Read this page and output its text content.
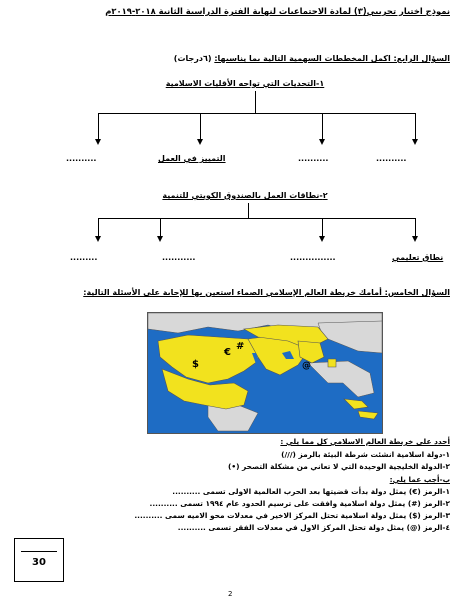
نموذج اختبار تجريبي(٣) لمادة الاجتماعيات لنهاية الفترة الدراسية الثانية ٢٠١٨-٢٠١٩م
السؤال الرابع: اكمل المخططات السهمية التالية بما يناسبها: (٦درجات)
١-التحديات التي تواجه الأقليات الاسلامية
..........	التمييز في العمل	..........	..........
٢-نطاقات العمل بالصندوق الكويتي للتنمية
.........	...........	...............	نطاق تعليمي
السؤال الخامس: أمامك خريطة العالم الإسلامي الصماء استعين بها للإجابة على الأسئلة التالية:
$
€
#
@
أحدد على خريطة العالم الاسلامي كل مما يلي :
١-دولة اسلامية انشئت شرطة البيئة بالرمز (///)
٢-الدولة الخليجية الوحيدة التي لا تعاني من مشكلة التصحر (•)
ب-أجب عما يلي:
١-الرمز (€) يمثل دولة بدأت قضيتها بعد الحرب العالمية الاولى تسمى ..........
٢-الرمز (#) يمثل دولة اسلامية وافقت على ترسيم الحدود عام ١٩٩٤ تسمى ..........
٣-الرمز ($) يمثل دولة اسلامية تحتل المركز الاخير في معدلات محو الاميه سمى ..........
٤-الرمز (@) يمثل دولة تحتل المركز الاول في معدلات الفقر تسمى ..........
30
2
